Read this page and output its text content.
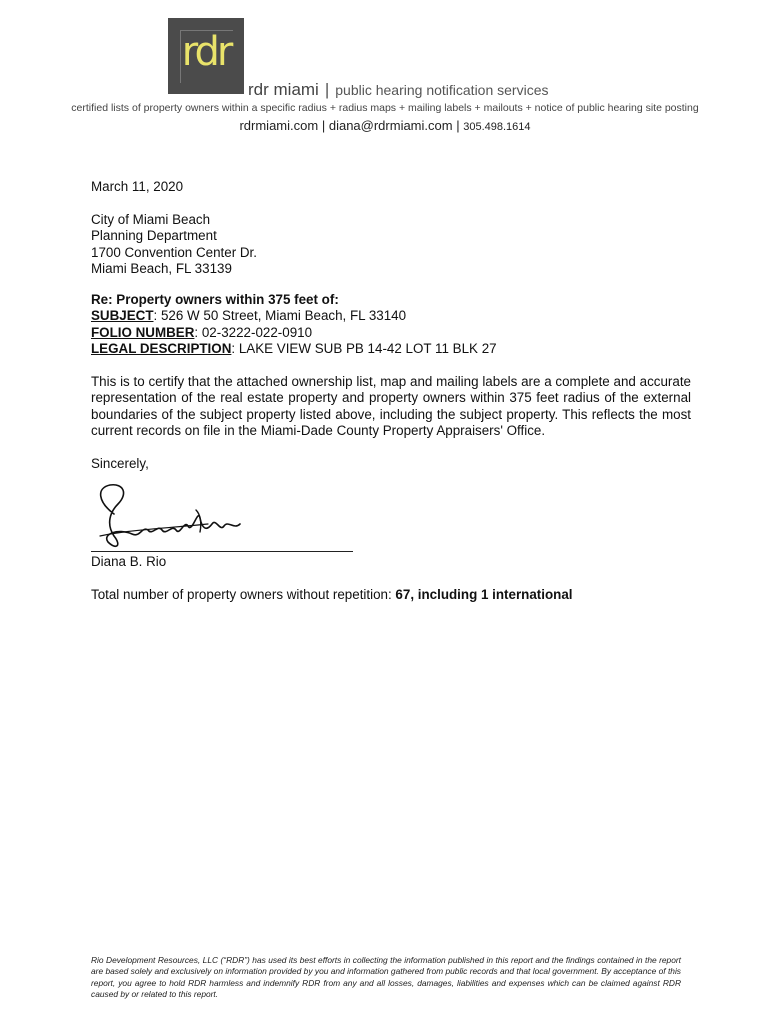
rdr
rdr miami | public hearing notification services
certified lists of property owners within a specific radius + radius maps + mailing labels + mailouts + notice of public hearing site posting
rdrmiami.com | diana@rdrmiami.com | 305.498.1614
March 11, 2020
City of Miami Beach
Planning Department
1700 Convention Center Dr.
Miami Beach, FL 33139
Re: Property owners within 375 feet of:
SUBJECT: 526 W 50 Street, Miami Beach, FL 33140
FOLIO NUMBER: 02-3222-022-0910
LEGAL DESCRIPTION: LAKE VIEW SUB PB 14-42 LOT 11 BLK 27
This is to certify that the attached ownership list, map and mailing labels are a complete and accurate representation of the real estate property and property owners within 375 feet radius of the external boundaries of the subject property listed above, including the subject property. This reflects the most current records on file in the Miami-Dade County Property Appraisers' Office.
Sincerely,
Diana B. Rio
Total number of property owners without repetition: 67, including 1 international
Rio Development Resources, LLC (“RDR”) has used its best efforts in collecting the information published in this report and the findings contained in the report are based solely and exclusively on information provided by you and information gathered from public records and that local government. By acceptance of this report, you agree to hold RDR harmless and indemnify RDR from any and all losses, damages, liabilities and expenses which can be claimed against RDR caused by or related to this report.
